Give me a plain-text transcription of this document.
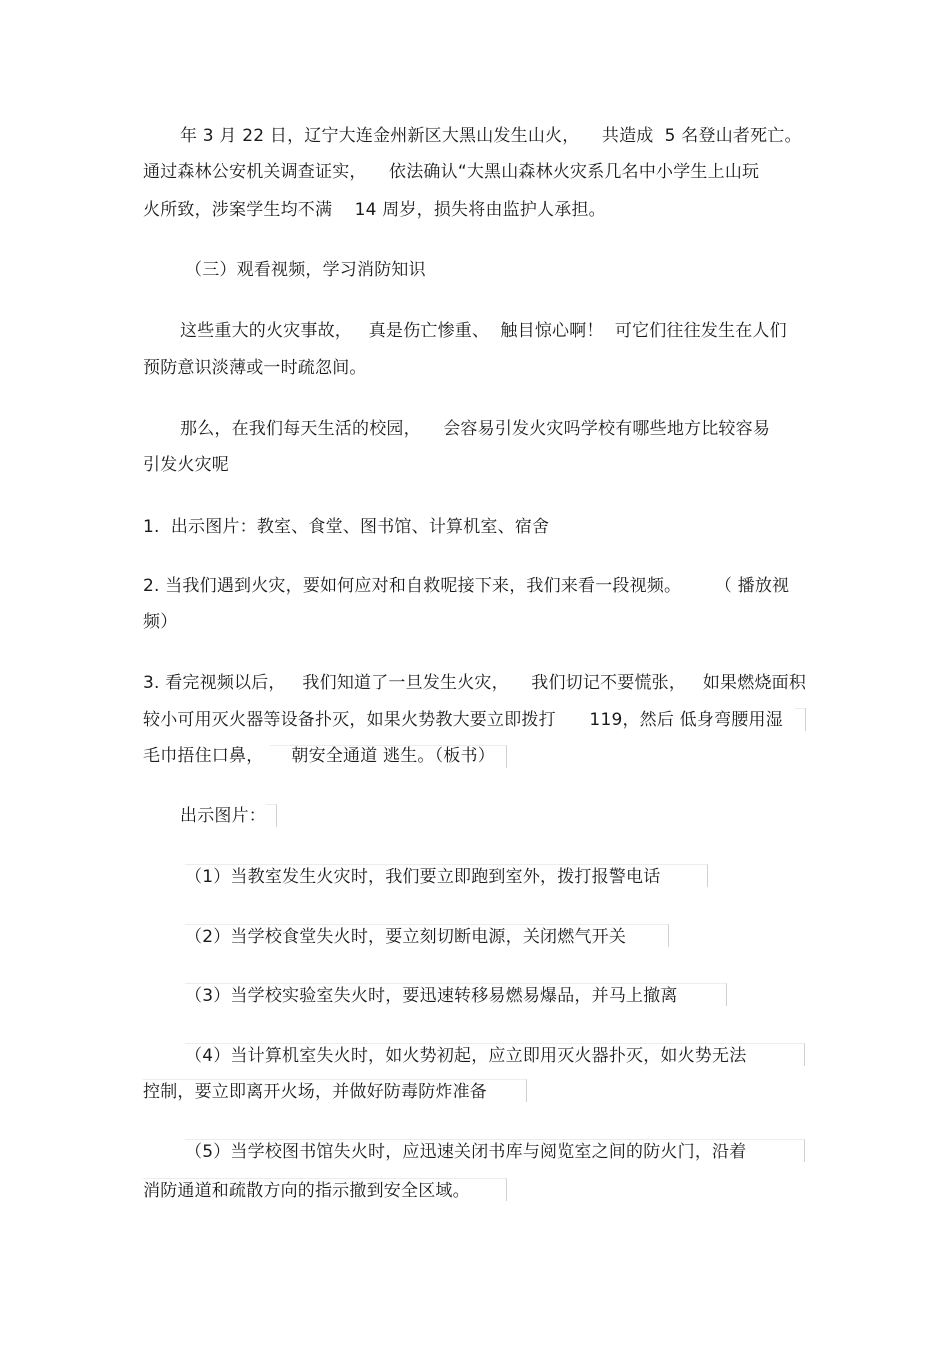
年 3 月 22 日，辽宁大连金州新区大黑山发生山火，    共造成  5 名登山者死亡。
通过森林公安机关调查证实，    依法确认“大黑山森林火灾系几名中小学生上山玩
火所致，涉案学生均不满    14 周岁，损失将由监护人承担。
（三）观看视频，学习消防知识
这些重大的火灾事故，   真是伤亡惨重、  触目惊心啊！  可它们往往发生在人们
预防意识淡薄或一时疏忽间。
那么，在我们每天生活的校园，    会容易引发火灾吗学校有哪些地方比较容易
引发火灾呢
1.  出示图片：教室、食堂、图书馆、计算机室、宿舍
2. 当我们遇到火灾，要如何应对和自救呢接下来，我们来看一段视频。      （ 播放视
频）
3. 看完视频以后，   我们知道了一旦发生火灾，    我们切记不要慌张，   如果燃烧面积
较小可用灭火器等设备扑灭，如果火势教大要立即拨打      119，然后 低身弯腰用湿
毛巾捂住口鼻，     朝安全通道 逃生。（板书）
出示图片：
（1）当教室发生火灾时，我们要立即跑到室外，拨打报警电话
（2）当学校食堂失火时，要立刻切断电源，关闭燃气开关
（3）当学校实验室失火时，要迅速转移易燃易爆品，并马上撤离
（4）当计算机室失火时，如火势初起，应立即用灭火器扑灭，如火势无法
控制，要立即离开火场，并做好防毒防炸准备
（5）当学校图书馆失火时，应迅速关闭书库与阅览室之间的防火门，沿着
消防通道和疏散方向的指示撤到安全区域。
